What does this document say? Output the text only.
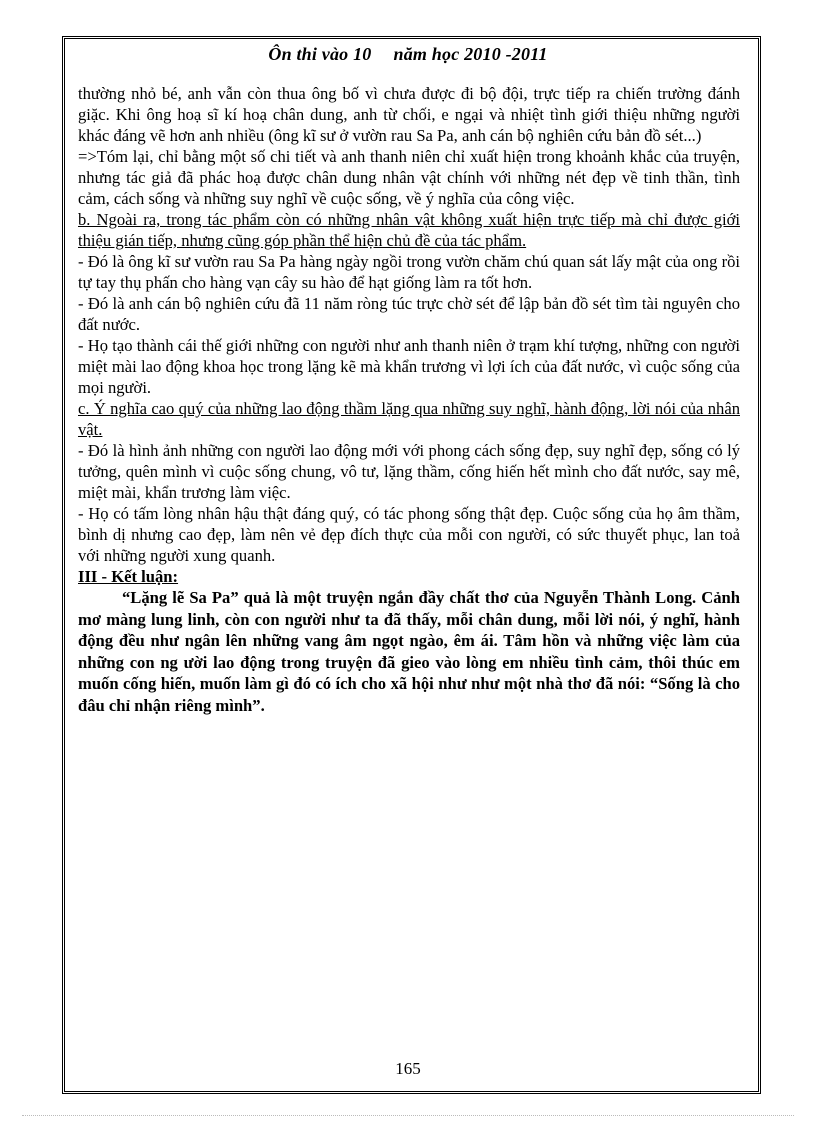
Ôn thi vào 10 năm học 2010 -2011

thường nhỏ bé, anh vẫn còn thua ông bố vì chưa được đi bộ đội, trực tiếp ra chiến trường đánh giặc. Khi ông hoạ sĩ kí hoạ chân dung, anh từ chối, e ngại và nhiệt tình giới thiệu những người khác đáng vẽ hơn anh nhiều (ông kĩ sư ở vườn rau Sa Pa, anh cán bộ nghiên cứu bản đồ sét...)

=>Tóm lại, chỉ bằng một số chi tiết và anh thanh niên chỉ xuất hiện trong khoảnh khắc của truyện, nhưng tác giả đã phác hoạ được chân dung nhân vật chính với những nét đẹp về tinh thần, tình cảm, cách sống và những suy nghĩ về cuộc sống, về ý nghĩa của công việc.

b. Ngoài ra, trong tác phẩm còn có những nhân vật không xuất hiện trực tiếp mà chỉ được giới thiệu gián tiếp, nhưng cũng góp phần thể hiện chủ đề của tác phẩm.

- Đó là ông kĩ sư vườn rau Sa Pa hàng ngày ngồi trong vườn chăm chú quan sát lấy mật của ong rồi tự tay thụ phấn cho hàng vạn cây su hào để hạt giống làm ra tốt hơn.

- Đó là anh cán bộ nghiên cứu đã 11 năm ròng túc trực chờ sét để lập bản đồ sét tìm tài nguyên cho đất nước.

- Họ tạo thành cái thế giới những con người như anh thanh niên ở trạm khí tượng, những con người miệt mài lao động khoa học trong lặng kẽ mà khẩn trương vì lợi ích của đất nước, vì cuộc sống của mọi người.

c. Ý nghĩa cao quý của những lao động thầm lặng qua những suy nghĩ, hành động, lời nói của nhân vật.

- Đó là hình ảnh những con người lao động mới với phong cách sống đẹp, suy nghĩ đẹp, sống có lý tưởng, quên mình vì cuộc sống chung, vô tư, lặng thầm, cống hiến hết mình cho đất nước, say mê, miệt mài, khẩn trương làm việc.

- Họ có tấm lòng nhân hậu thật đáng quý, có tác phong sống thật đẹp. Cuộc sống của họ âm thầm, bình dị nhưng cao đẹp, làm nên vẻ đẹp đích thực của mỗi con người, có sức thuyết phục, lan toả với những người xung quanh.

III - Kết luận:

“Lặng lẽ Sa Pa” quả là một truyện ngắn đầy chất thơ của Nguyễn Thành Long. Cảnh mơ màng lung linh, còn con người như ta đã thấy, mỗi chân dung, mỗi lời nói, ý nghĩ, hành động đều như ngân lên những vang âm ngọt ngào, êm ái. Tâm hồn và những việc làm của những con ng ười lao động trong truyện đã gieo vào lòng em nhiều tình cảm, thôi thúc em muốn cống hiến, muốn làm gì đó có ích cho xã hội như như một nhà thơ đã nói: “Sống là cho đâu chỉ nhận riêng mình”.

165
